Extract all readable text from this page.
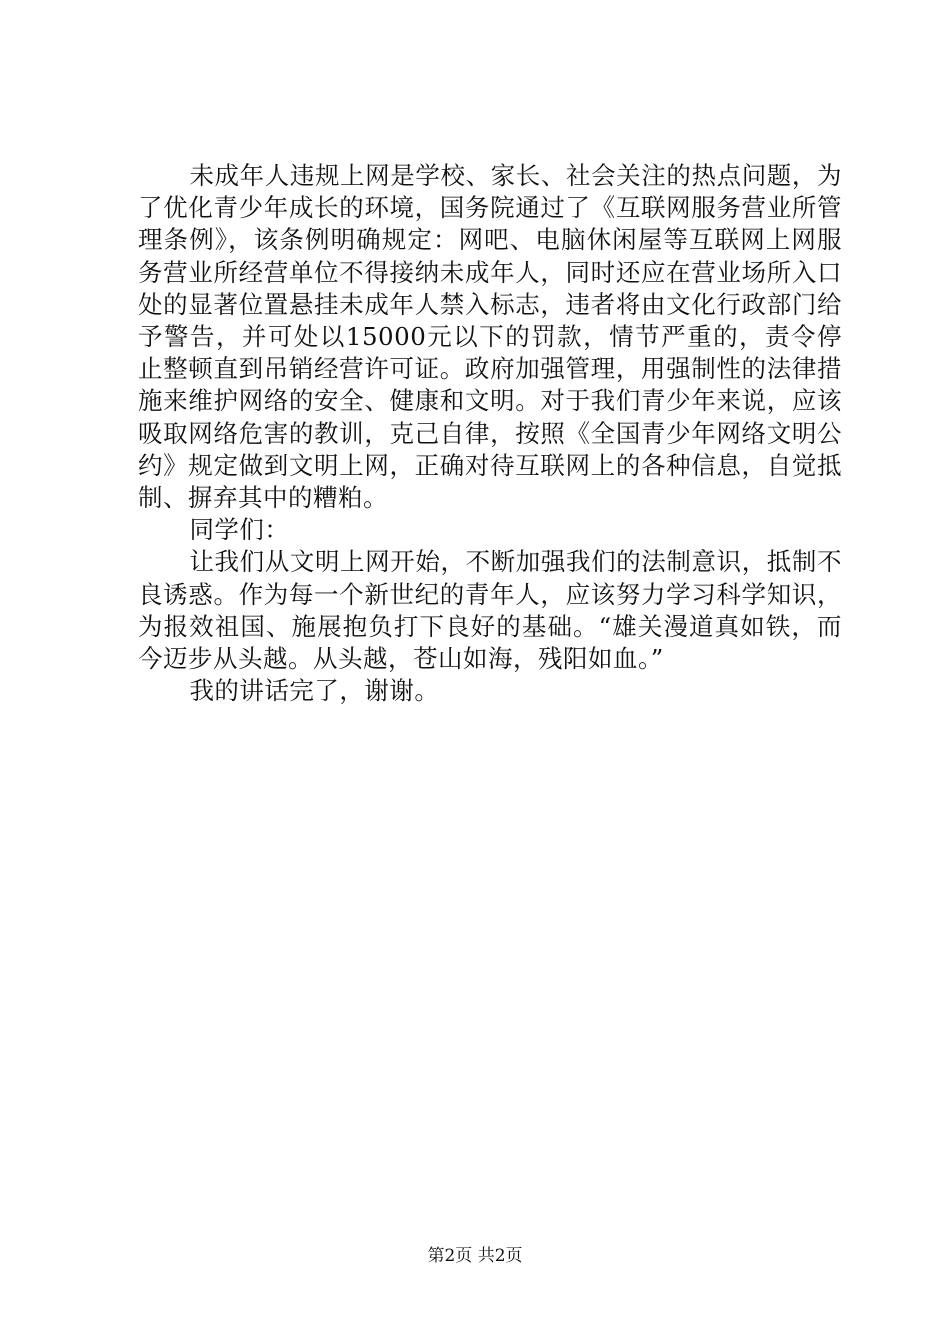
未成年人违规上网是学校、家长、社会关注的热点问题，为了优化青少年成长的环境，国务院通过了《互联网服务营业所管理条例》，该条例明确规定：网吧、电脑休闲屋等互联网上网服务营业所经营单位不得接纳未成年人，同时还应在营业场所入口处的显著位置悬挂未成年人禁入标志，违者将由文化行政部门给予警告，并可处以15000元以下的罚款，情节严重的，责令停止整顿直到吊销经营许可证。政府加强管理，用强制性的法律措施来维护网络的安全、健康和文明。对于我们青少年来说，应该吸取网络危害的教训，克己自律，按照《全国青少年网络文明公约》规定做到文明上网，正确对待互联网上的各种信息，自觉抵制、摒弃其中的糟粕。

同学们：

让我们从文明上网开始，不断加强我们的法制意识，抵制不良诱惑。作为每一个新世纪的青年人，应该努力学习科学知识，为报效祖国、施展抱负打下良好的基础。“雄关漫道真如铁，而今迈步从头越。从头越，苍山如海，残阳如血。”

我的讲话完了，谢谢。

第2页 共2页
